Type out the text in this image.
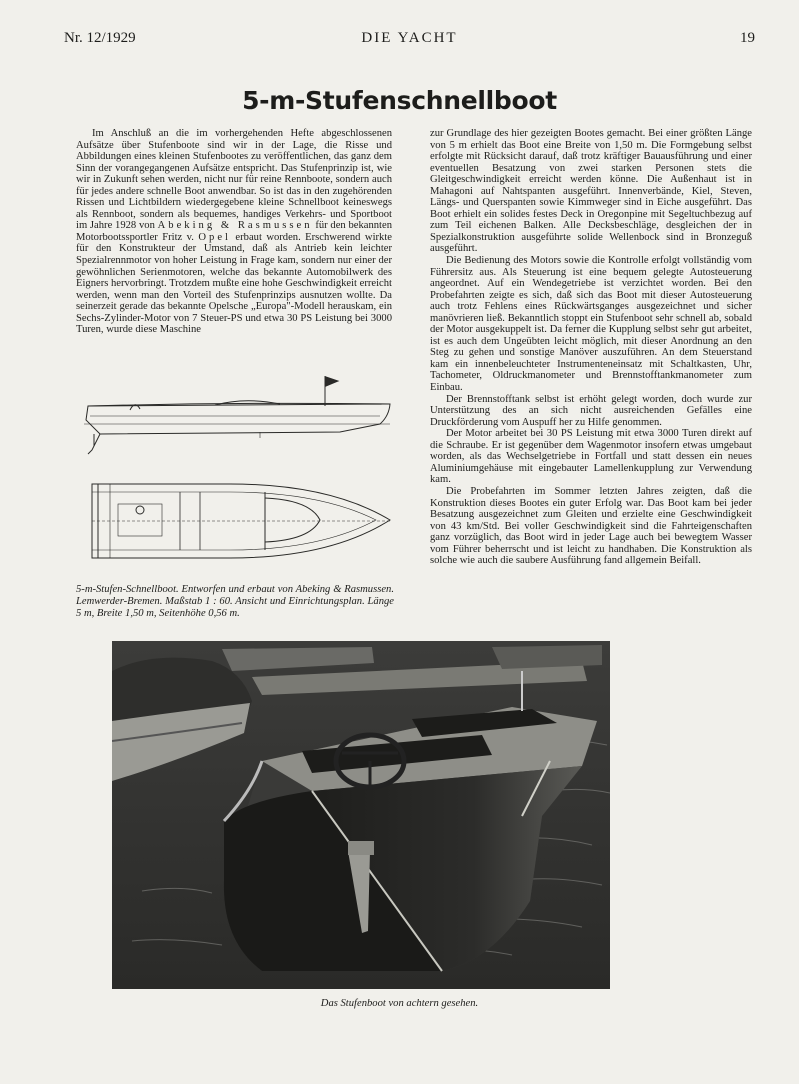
Nr. 12/1929	DIE YACHT	19
5-m-Stufenschnellboot

Im Anschluß an die im vorhergehenden Hefte abgeschlossenen Aufsätze über Stufenboote sind wir in der Lage, die Risse und Abbildungen eines kleinen Stufenbootes zu veröffentlichen, das ganz dem Sinn der vorangegangenen Aufsätze entspricht. Das Stufenprinzip ist, wie wir in Zukunft sehen werden, nicht nur für reine Rennboote, sondern auch für jedes andere schnelle Boot anwendbar. So ist das in den zugehörenden Rissen und Lichtbildern wiedergegebene kleine Schnellboot keineswegs als Rennboot, sondern als bequemes, handiges Verkehrs- und Sportboot im Jahre 1928 von Abeking & Rasmussen für den bekannten Motorbootssportler Fritz v. Opel erbaut worden. Erschwerend wirkte für den Konstrukteur der Umstand, daß als Antrieb kein leichter Spezialrennmotor von hoher Leistung in Frage kam, sondern nur einer der gewöhnlichen Serienmotoren, welche das bekannte Automobilwerk des Eigners hervorbringt. Trotzdem mußte eine hohe Geschwindigkeit erreicht werden, wenn man den Vorteil des Stufenprinzips ausnutzen wollte. Da seinerzeit gerade das bekannte Opelsche „Europa"-Modell herauskam, ein Sechs-Zylinder-Motor von 7 Steuer-PS und etwa 30 PS Leistung bei 3000 Turen, wurde diese Maschine

5-m-Stufen-Schnellboot. Entworfen und erbaut von Abeking & Rasmussen. Lemwerder-Bremen. Maßstab 1 : 60. Ansicht und Einrichtungsplan. Länge 5 m, Breite 1,50 m, Seitenhöhe 0,56 m.

zur Grundlage des hier gezeigten Bootes gemacht. Bei einer größten Länge von 5 m erhielt das Boot eine Breite von 1,50 m. Die Formgebung selbst erfolgte mit Rücksicht darauf, daß trotz kräftiger Bauausführung und einer eventuellen Besatzung von zwei starken Personen stets die Gleitgeschwindigkeit erreicht werden könne. Die Außenhaut ist in Mahagoni auf Nahtspanten ausgeführt. Innenverbände, Kiel, Steven, Längs- und Querspanten sowie Kimmweger sind in Eiche ausgeführt. Das Boot erhielt ein solides festes Deck in Oregonpine mit Segeltuchbezug auf zum Teil eichenen Balken. Alle Decksbeschläge, desgleichen der in Spezialkonstruktion ausgeführte solide Wellenbock sind in Bronzeguß ausgeführt.

Die Bedienung des Motors sowie die Kontrolle erfolgt vollständig vom Führersitz aus. Als Steuerung ist eine bequem gelegte Autosteuerung angeordnet. Auf ein Wendegetriebe ist verzichtet worden. Bei den Probefahrten zeigte es sich, daß sich das Boot mit dieser Autosteuerung auch trotz Fehlens eines Rückwärtsganges ausgezeichnet und sicher manövrieren ließ. Bekanntlich stoppt ein Stufenboot sehr schnell ab, sobald der Motor ausgekuppelt ist. Da ferner die Kupplung selbst sehr gut arbeitet, ist es auch dem Ungeübten leicht möglich, mit dieser Anordnung an den Steg zu gehen und sonstige Manöver auszuführen. An dem Steuerstand kam ein innenbeleuchteter Instrumenteneinsatz mit Schaltkasten, Uhr, Tachometer, Oldruckmanometer und Brennstofftankmanometer zum Einbau.

Der Brennstofftank selbst ist erhöht gelegt worden, doch wurde zur Unterstützung des an sich nicht ausreichenden Gefälles eine Druckförderung vom Auspuff her zu Hilfe genommen.

Der Motor arbeitet bei 30 PS Leistung mit etwa 3000 Turen direkt auf die Schraube. Er ist gegenüber dem Wagenmotor insofern etwas umgebaut worden, als das Wechselgetriebe in Fortfall und statt dessen ein neues Aluminiumgehäuse mit eingebauter Lamellenkupplung zur Verwendung kam.

Die Probefahrten im Sommer letzten Jahres zeigten, daß die Konstruktion dieses Bootes ein guter Erfolg war. Das Boot kam bei jeder Besatzung ausgezeichnet zum Gleiten und erzielte eine Geschwindigkeit von 43 km/Std. Bei voller Geschwindigkeit sind die Fahrteigenschaften ganz vorzüglich, das Boot wird in jeder Lage auch bei bewegtem Wasser vom Führer beherrscht und ist leicht zu handhaben. Die Konstruktion als solche wie auch die saubere Ausführung fand allgemein Beifall.

Das Stufenboot von achtern gesehen.
